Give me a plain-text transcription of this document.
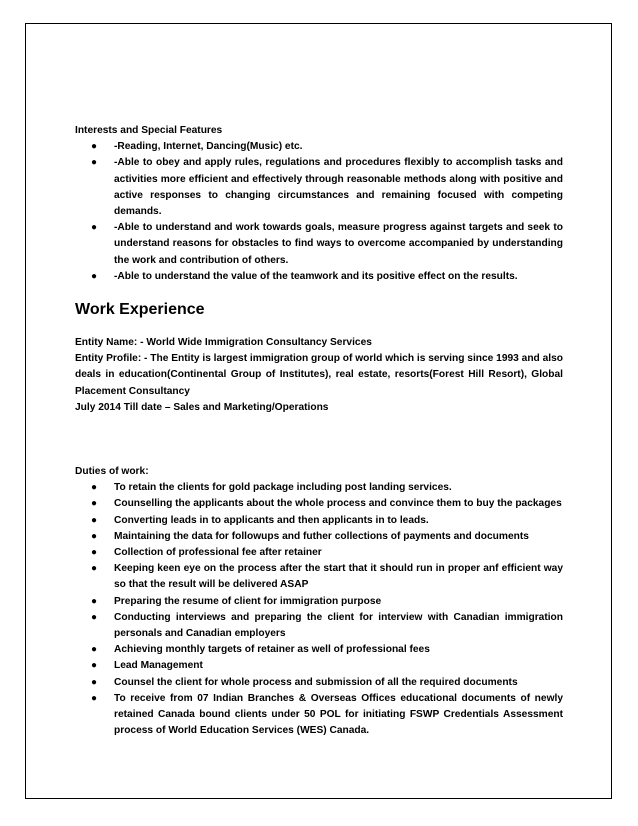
Interests and Special Features

● -Reading, Internet, Dancing(Music) etc.
● -Able to obey and apply rules, regulations and procedures flexibly to accomplish tasks and activities more efficient and effectively through reasonable methods along with positive and active responses to changing circumstances and remaining focused with competing demands.
● -Able to understand and work towards goals, measure progress against targets and seek to understand reasons for obstacles to find ways to overcome accompanied by understanding the work and contribution of others.
● -Able to understand the value of the teamwork and its positive effect on the results.
Work Experience

Entity Name: - World Wide Immigration Consultancy Services

Entity Profile: - The Entity is largest immigration group of world which is serving since 1993 and also deals in education(Continental Group of Institutes), real estate, resorts(Forest Hill Resort), Global Placement Consultancy

July 2014 Till date – Sales and Marketing/Operations

Duties of work:

● To retain the clients for gold package including post landing services.
● Counselling the applicants about the whole process and convince them to buy the packages
● Converting leads in to applicants and then applicants in to leads.
● Maintaining the data for followups and futher collections of payments and documents
● Collection of professional fee after retainer
● Keeping keen eye on the process after the start that it should run in proper anf efficient way so that the result will be delivered ASAP
● Preparing the resume of client for immigration purpose
● Conducting interviews and preparing the client for interview with Canadian immigration personals and Canadian employers
● Achieving monthly targets of retainer as well of professional fees
● Lead Management
● Counsel the client for whole process and submission of all the required documents
● To receive from 07 Indian Branches & Overseas Offices educational documents of newly retained Canada bound clients under 50 POL for initiating FSWP Credentials Assessment process of World Education Services (WES) Canada.
